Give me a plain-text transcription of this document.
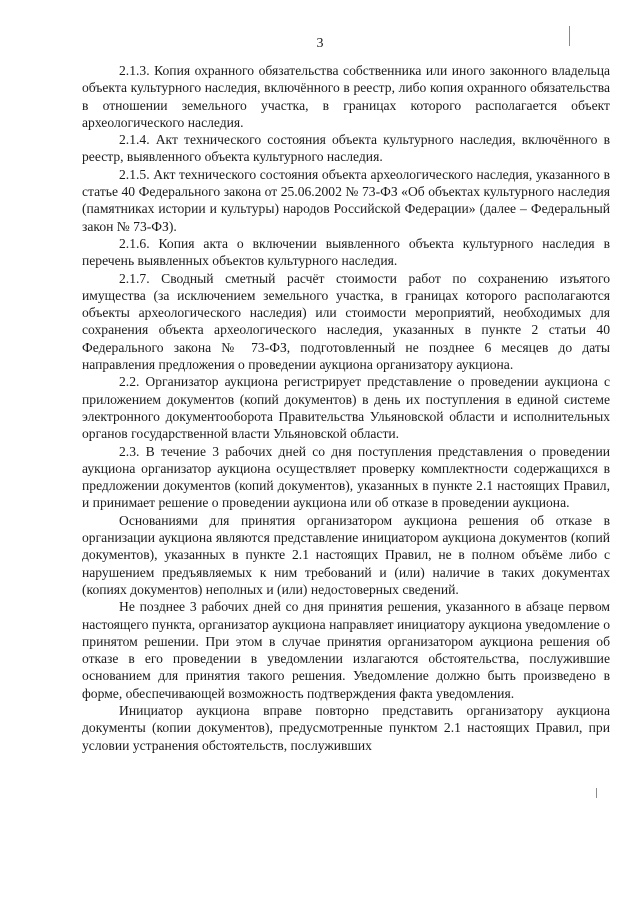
3

2.1.3. Копия охранного обязательства собственника или иного законного владельца объекта культурного наследия, включённого в реестр, либо копия охранного обязательства в отношении земельного участка, в границах которого располагается объект археологического наследия.

2.1.4. Акт технического состояния объекта культурного наследия, включённого в реестр, выявленного объекта культурного наследия.

2.1.5. Акт технического состояния объекта археологического наследия, указанного в статье 40 Федерального закона от 25.06.2002 № 73-ФЗ «Об объектах культурного наследия (памятниках истории и культуры) народов Российской Федерации» (далее – Федеральный закон № 73-ФЗ).

2.1.6. Копия акта о включении выявленного объекта культурного наследия в перечень выявленных объектов культурного наследия.

2.1.7. Сводный сметный расчёт стоимости работ по сохранению изъятого имущества (за исключением земельного участка, в границах которого располагаются объекты археологического наследия) или стоимости мероприятий, необходимых для сохранения объекта археологического наследия, указанных в пункте 2 статьи 40 Федерального закона № 73-ФЗ, подготовленный не позднее 6 месяцев до даты направления предложения о проведении аукциона организатору аукциона.

2.2. Организатор аукциона регистрирует представление о проведении аукциона с приложением документов (копий документов) в день их поступления в единой системе электронного документооборота Правительства Ульяновской области и исполнительных органов государственной власти Ульяновской области.

2.3. В течение 3 рабочих дней со дня поступления представления о проведении аукциона организатор аукциона осуществляет проверку комплектности содержащихся в предложении документов (копий документов), указанных в пункте 2.1 настоящих Правил, и принимает решение о проведении аукциона или об отказе в проведении аукциона.

Основаниями для принятия организатором аукциона решения об отказе в организации аукциона являются представление инициатором аукциона документов (копий документов), указанных в пункте 2.1 настоящих Правил, не в полном объёме либо с нарушением предъявляемых к ним требований и (или) наличие в таких документах (копиях документов) неполных и (или) недостоверных сведений.

Не позднее 3 рабочих дней со дня принятия решения, указанного в абзаце первом настоящего пункта, организатор аукциона направляет инициатору аукциона уведомление о принятом решении. При этом в случае принятия организатором аукциона решения об отказе в его проведении в уведомлении излагаются обстоятельства, послужившие основанием для принятия такого решения. Уведомление должно быть произведено в форме, обеспечивающей возможность подтверждения факта уведомления.

Инициатор аукциона вправе повторно представить организатору аукциона документы (копии документов), предусмотренные пунктом 2.1 настоящих Правил, при условии устранения обстоятельств, послуживших
